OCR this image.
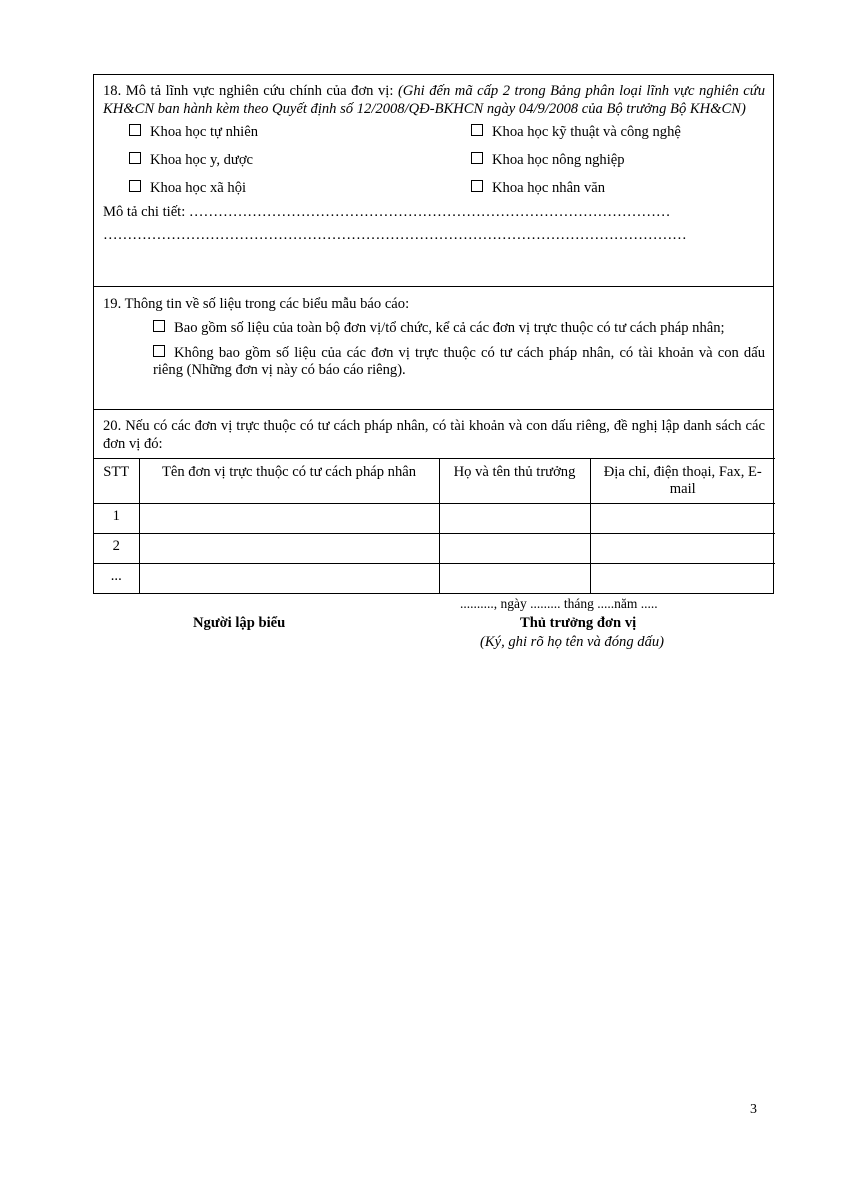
18. Mô tả lĩnh vực nghiên cứu chính của đơn vị: (Ghi đến mã cấp 2 trong Bảng phân loại lĩnh vực nghiên cứu KH&CN ban hành kèm theo Quyết định số 12/2008/QĐ-BKHCN ngày 04/9/2008 của Bộ trưởng Bộ KH&CN)
Khoa học tự nhiên	Khoa học kỹ thuật và công nghệ
Khoa học y, dược	Khoa học nông nghiệp
Khoa học xã hội	Khoa học nhân văn
Mô tả chi tiết: ………………………………………………………………………………………
…………………………………………………………………………………………………………
19. Thông tin về số liệu trong các biểu mẫu báo cáo:
Bao gồm số liệu của toàn bộ đơn vị/tổ chức, kể cả các đơn vị trực thuộc có tư cách pháp nhân;
Không bao gồm số liệu của các đơn vị trực thuộc có tư cách pháp nhân, có tài khoản và con dấu riêng (Những đơn vị này có báo cáo riêng).
20. Nếu có các đơn vị trực thuộc có tư cách pháp nhân, có tài khoản và con dấu riêng, đề nghị lập danh sách các đơn vị đó:
STT	Tên đơn vị trực thuộc có tư cách pháp nhân	Họ và tên thủ trưởng	Địa chỉ, điện thoại, Fax, E-mail
1			
2			
...			
.........., ngày ......... tháng .....năm .....
Người lập biểu	Thủ trưởng đơn vị
(Ký, ghi rõ họ tên và đóng dấu)
3
